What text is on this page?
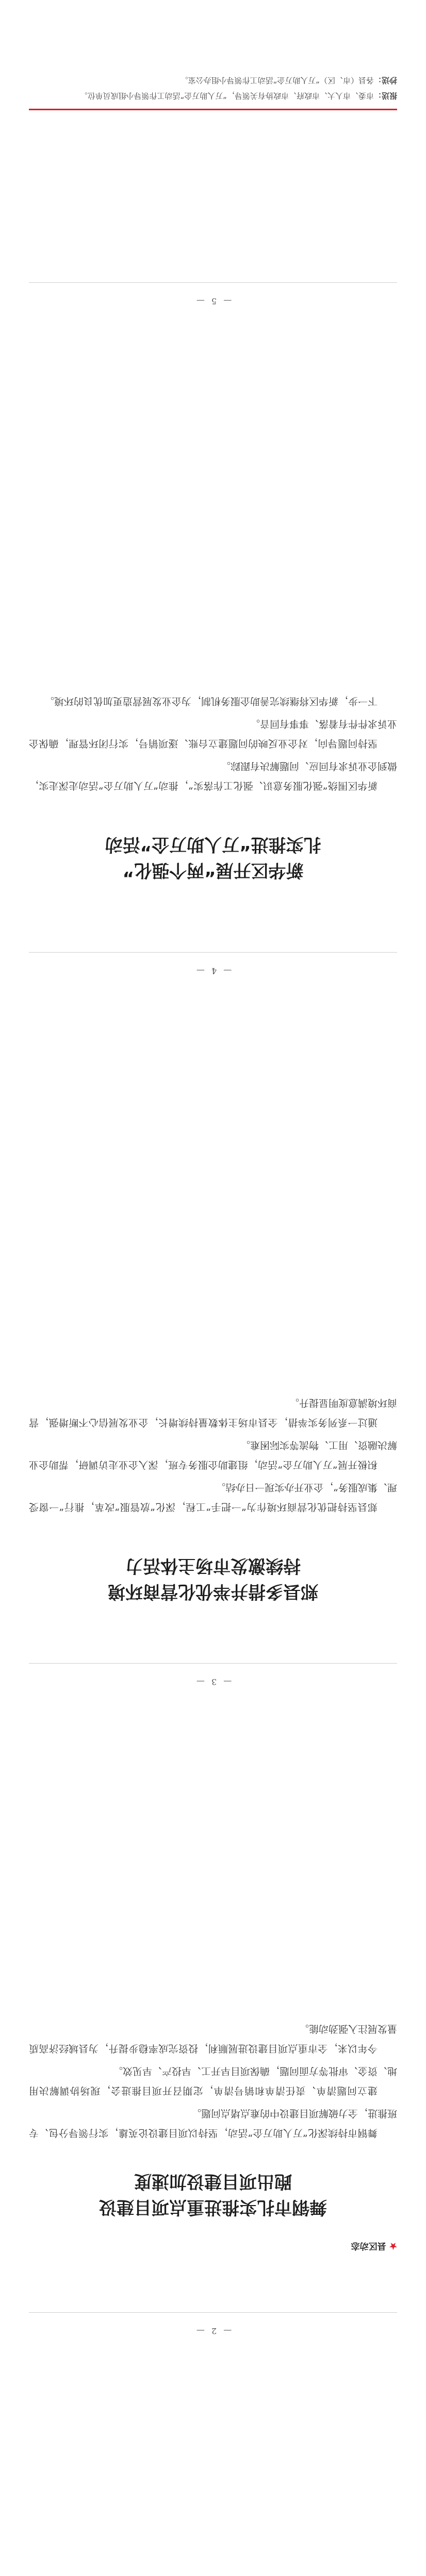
— 2 —
★ 县区动态
舞钢市扎实推进重点项目建设
跑出项目建设加速度

舞钢市持续深化“万人助万企”活动，坚持以项目建设论英雄，实行领导分包、专班推进，全力破解项目建设中的难点堵点问题。

建立问题清单、责任清单和销号清单，定期召开项目推进会，现场协调解决用地、资金、审批等方面问题，确保项目早开工、早投产、早见效。

今年以来，全市重点项目建设进展顺利，投资完成率稳步提升，为县域经济高质量发展注入强劲动能。

— 3 —
郏县多措并举优化营商环境
持续激发市场主体活力

郏县坚持把优化营商环境作为“一把手”工程，深化“放管服”改革，推行“一窗受理、集成服务”，企业开办实现一日办结。

积极开展“万人助万企”活动，组建助企服务专班，深入企业走访调研，帮助企业解决融资、用工、物流等实际困难。

通过一系列务实举措，全县市场主体数量持续增长，企业发展信心不断增强，营商环境满意度明显提升。

— 4 —
新华区开展“两个强化”
扎实推进“万人助万企”活动

新华区围绕“强化服务意识、强化工作落实”，推动“万人助万企”活动走深走实，做到企业诉求有回应、问题解决有跟踪。

坚持问题导向，对企业反映的问题建立台账、逐项销号，实行闭环管理，确保企业诉求件件有着落、事事有回音。

下一步，新华区将继续完善助企服务机制，为企业发展营造更加优良的环境。

— 5 —
报送：市委、市人大、市政府、市政协有关领导，“万人助万企”活动工作领导小组成员单位。
抄送：各县（市、区）“万人助万企”活动工作领导小组办公室。
